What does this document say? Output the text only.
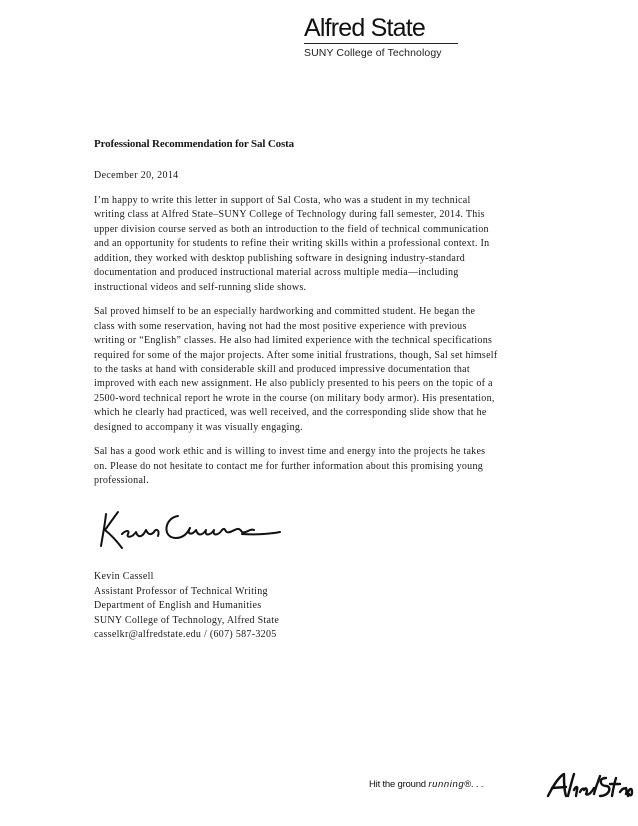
Alfred State
SUNY College of Technology
Professional Recommendation for Sal Costa
December 20, 2014
I’m happy to write this letter in support of Sal Costa, who was a student in my technical
writing class at Alfred State–SUNY College of Technology during fall semester, 2014. This
upper division course served as both an introduction to the field of technical communication
and an opportunity for students to refine their writing skills within a professional context. In
addition, they worked with desktop publishing software in designing industry-standard
documentation and produced instructional material across multiple media—including
instructional videos and self-running slide shows.
Sal proved himself to be an especially hardworking and committed student. He began the
class with some reservation, having not had the most positive experience with previous
writing or “English” classes. He also had limited experience with the technical specifications
required for some of the major projects. After some initial frustrations, though, Sal set himself
to the tasks at hand with considerable skill and produced impressive documentation that
improved with each new assignment. He also publicly presented to his peers on the topic of a
2500-word technical report he wrote in the course (on military body armor). His presentation,
which he clearly had practiced, was well received, and the corresponding slide show that he
designed to accompany it was visually engaging.
Sal has a good work ethic and is willing to invest time and energy into the projects he takes
on. Please do not hesitate to contact me for further information about this promising young
professional.
Kevin Cassell
Assistant Professor of Technical Writing
Department of English and Humanities
SUNY College of Technology, Alfred State
casselkr@alfredstate.edu / (607) 587-3205
Hit the ground running®. . .
